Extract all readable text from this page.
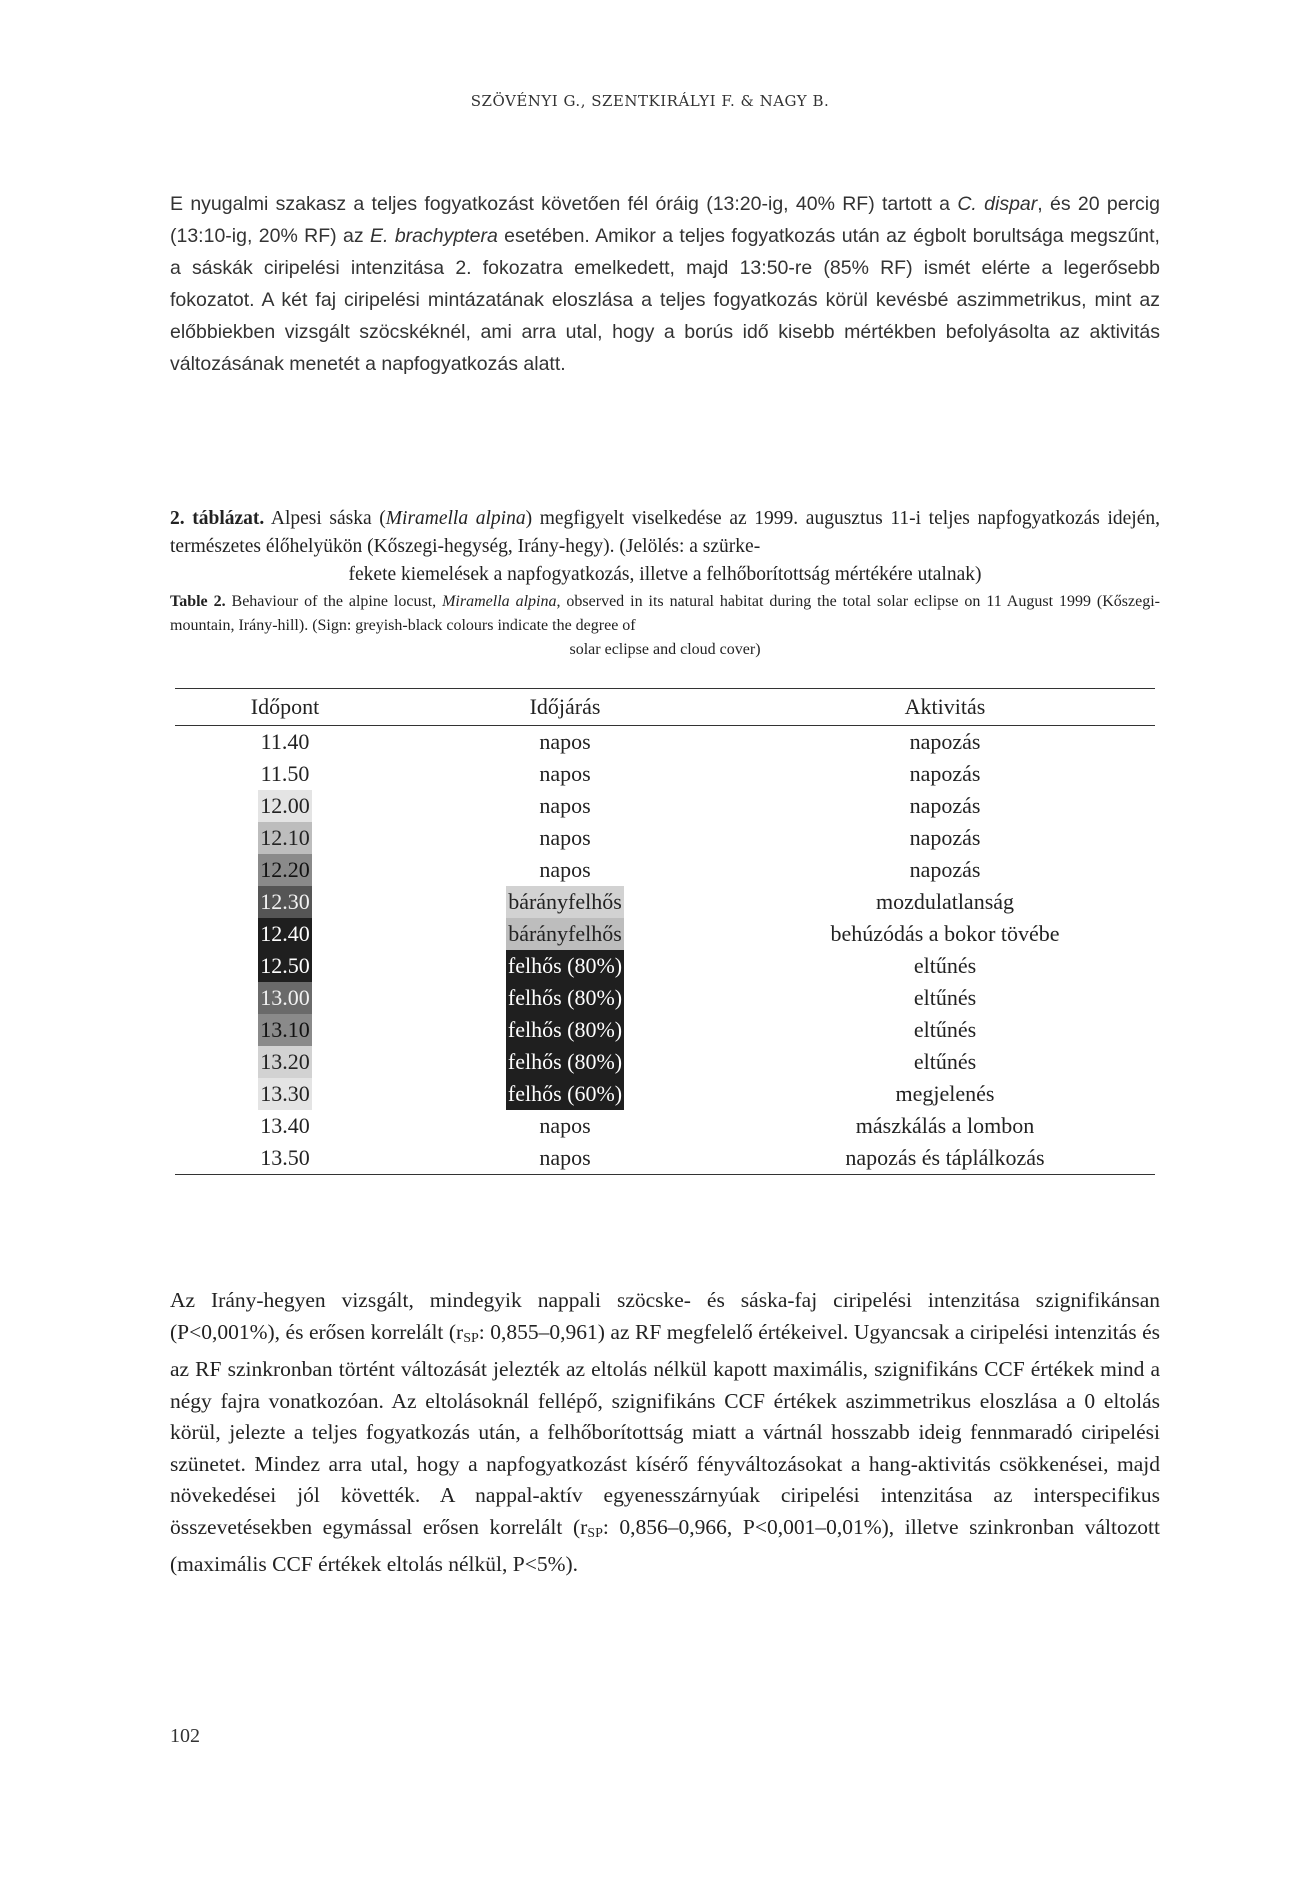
SZÖVÉNYI G., SZENTKIRÁLYI F. & NAGY B.
E nyugalmi szakasz a teljes fogyatkozást követően fél óráig (13:20-ig, 40% RF) tartott a C. dispar, és 20 percig (13:10-ig, 20% RF) az E. brachyptera esetében. Amikor a teljes fogyatkozás után az égbolt borultsága megszűnt, a sáskák ciripelési intenzitása 2. fokozatra emelkedett, majd 13:50-re (85% RF) ismét elérte a legerősebb fokozatot. A két faj ciripelési mintázatának eloszlása a teljes fogyatkozás körül kevésbé aszimmetrikus, mint az előbbiekben vizsgált szöcskéknél, ami arra utal, hogy a borús idő kisebb mértékben befolyásolta az aktivitás változásának menetét a napfogyatkozás alatt.
2. táblázat. Alpesi sáska (Miramella alpina) megfigyelt viselkedése az 1999. augusztus 11-i teljes napfogyatkozás idején, természetes élőhelyükön (Kőszegi-hegység, Irány-hegy). (Jelölés: a szürke-
fekete kiemelések a napfogyatkozás, illetve a felhőborítottság mértékére utalnak)
Table 2. Behaviour of the alpine locust, Miramella alpina, observed in its natural habitat during the total solar eclipse on 11 August 1999 (Kőszegi-mountain, Irány-hill). (Sign: greyish-black colours indicate the degree of
solar eclipse and cloud cover)
Időpont	Időjárás	Aktivitás
11.40	napos	napozás
11.50	napos	napozás
12.00	napos	napozás
12.10	napos	napozás
12.20	napos	napozás
12.30	bárányfelhős	mozdulatlanság
12.40	bárányfelhős	behúzódás a bokor tövébe
12.50	felhős (80%)	eltűnés
13.00	felhős (80%)	eltűnés
13.10	felhős (80%)	eltűnés
13.20	felhős (80%)	eltűnés
13.30	felhős (60%)	megjelenés
13.40	napos	mászkálás a lombon
13.50	napos	napozás és táplálkozás
Az Irány-hegyen vizsgált, mindegyik nappali szöcske- és sáska-faj ciripelési intenzitása szignifikánsan (P<0,001%), és erősen korrelált ($r_{SP}$: 0,855–0,961) az RF megfelelő értékeivel. Ugyancsak a ciripelési intenzitás és az RF szinkronban történt változását jelezték az eltolás nélkül kapott maximális, szignifikáns CCF értékek mind a négy fajra vonatkozóan. Az eltolásoknál fellépő, szignifikáns CCF értékek aszimmetrikus eloszlása a 0 eltolás körül, jelezte a teljes fogyatkozás után, a felhőborítottság miatt a vártnál hosszabb ideig fennmaradó ciripelési szünetet. Mindez arra utal, hogy a napfogyatkozást kísérő fényváltozásokat a hang-aktivitás csökkenései, majd növekedései jól követték. A nappal-aktív egyenesszárnyúak ciripelési intenzitása az interspecifikus összevetésekben egymással erősen korrelált ($r_{SP}$: 0,856–0,966, P<0,001–0,01%), illetve szinkronban változott (maximális CCF értékek eltolás nélkül, P<5%).
102
